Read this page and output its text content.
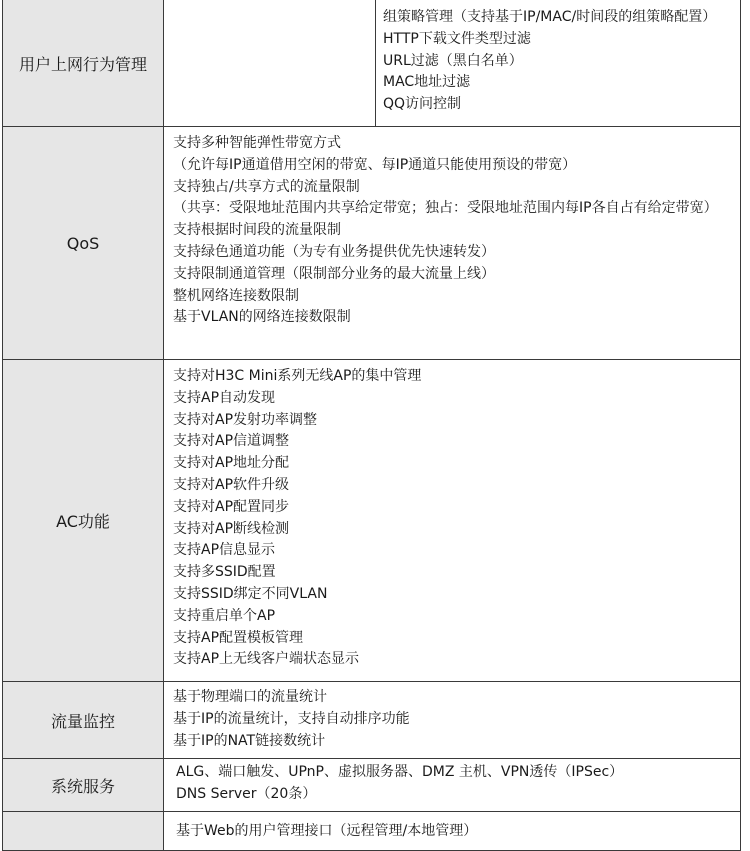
用户上网行为管理
组策略管理（支持基于IP/MAC/时间段的组策略配置）
HTTP下载文件类型过滤
URL过滤（黑白名单）
MAC地址过滤
QQ访问控制
QoS
支持多种智能弹性带宽方式
（允许每IP通道借用空闲的带宽、每IP通道只能使用预设的带宽）
支持独占/共享方式的流量限制
（共享：受限地址范围内共享给定带宽；独占：受限地址范围内每IP各自占有给定带宽）
支持根据时间段的流量限制
支持绿色通道功能（为专有业务提供优先快速转发）
支持限制通道管理（限制部分业务的最大流量上线）
整机网络连接数限制
基于VLAN的网络连接数限制
AC功能
支持对H3C Mini系列无线AP的集中管理
支持AP自动发现
支持对AP发射功率调整
支持对AP信道调整
支持对AP地址分配
支持对AP软件升级
支持对AP配置同步
支持对AP断线检测
支持AP信息显示
支持多SSID配置
支持SSID绑定不同VLAN
支持重启单个AP
支持AP配置模板管理
支持AP上无线客户端状态显示
流量监控
基于物理端口的流量统计
基于IP的流量统计，支持自动排序功能
基于IP的NAT链接数统计
系统服务
ALG、端口触发、UPnP、虚拟服务器、DMZ 主机、VPN透传（IPSec）
DNS Server（20条）
基于Web的用户管理接口（远程管理/本地管理）
